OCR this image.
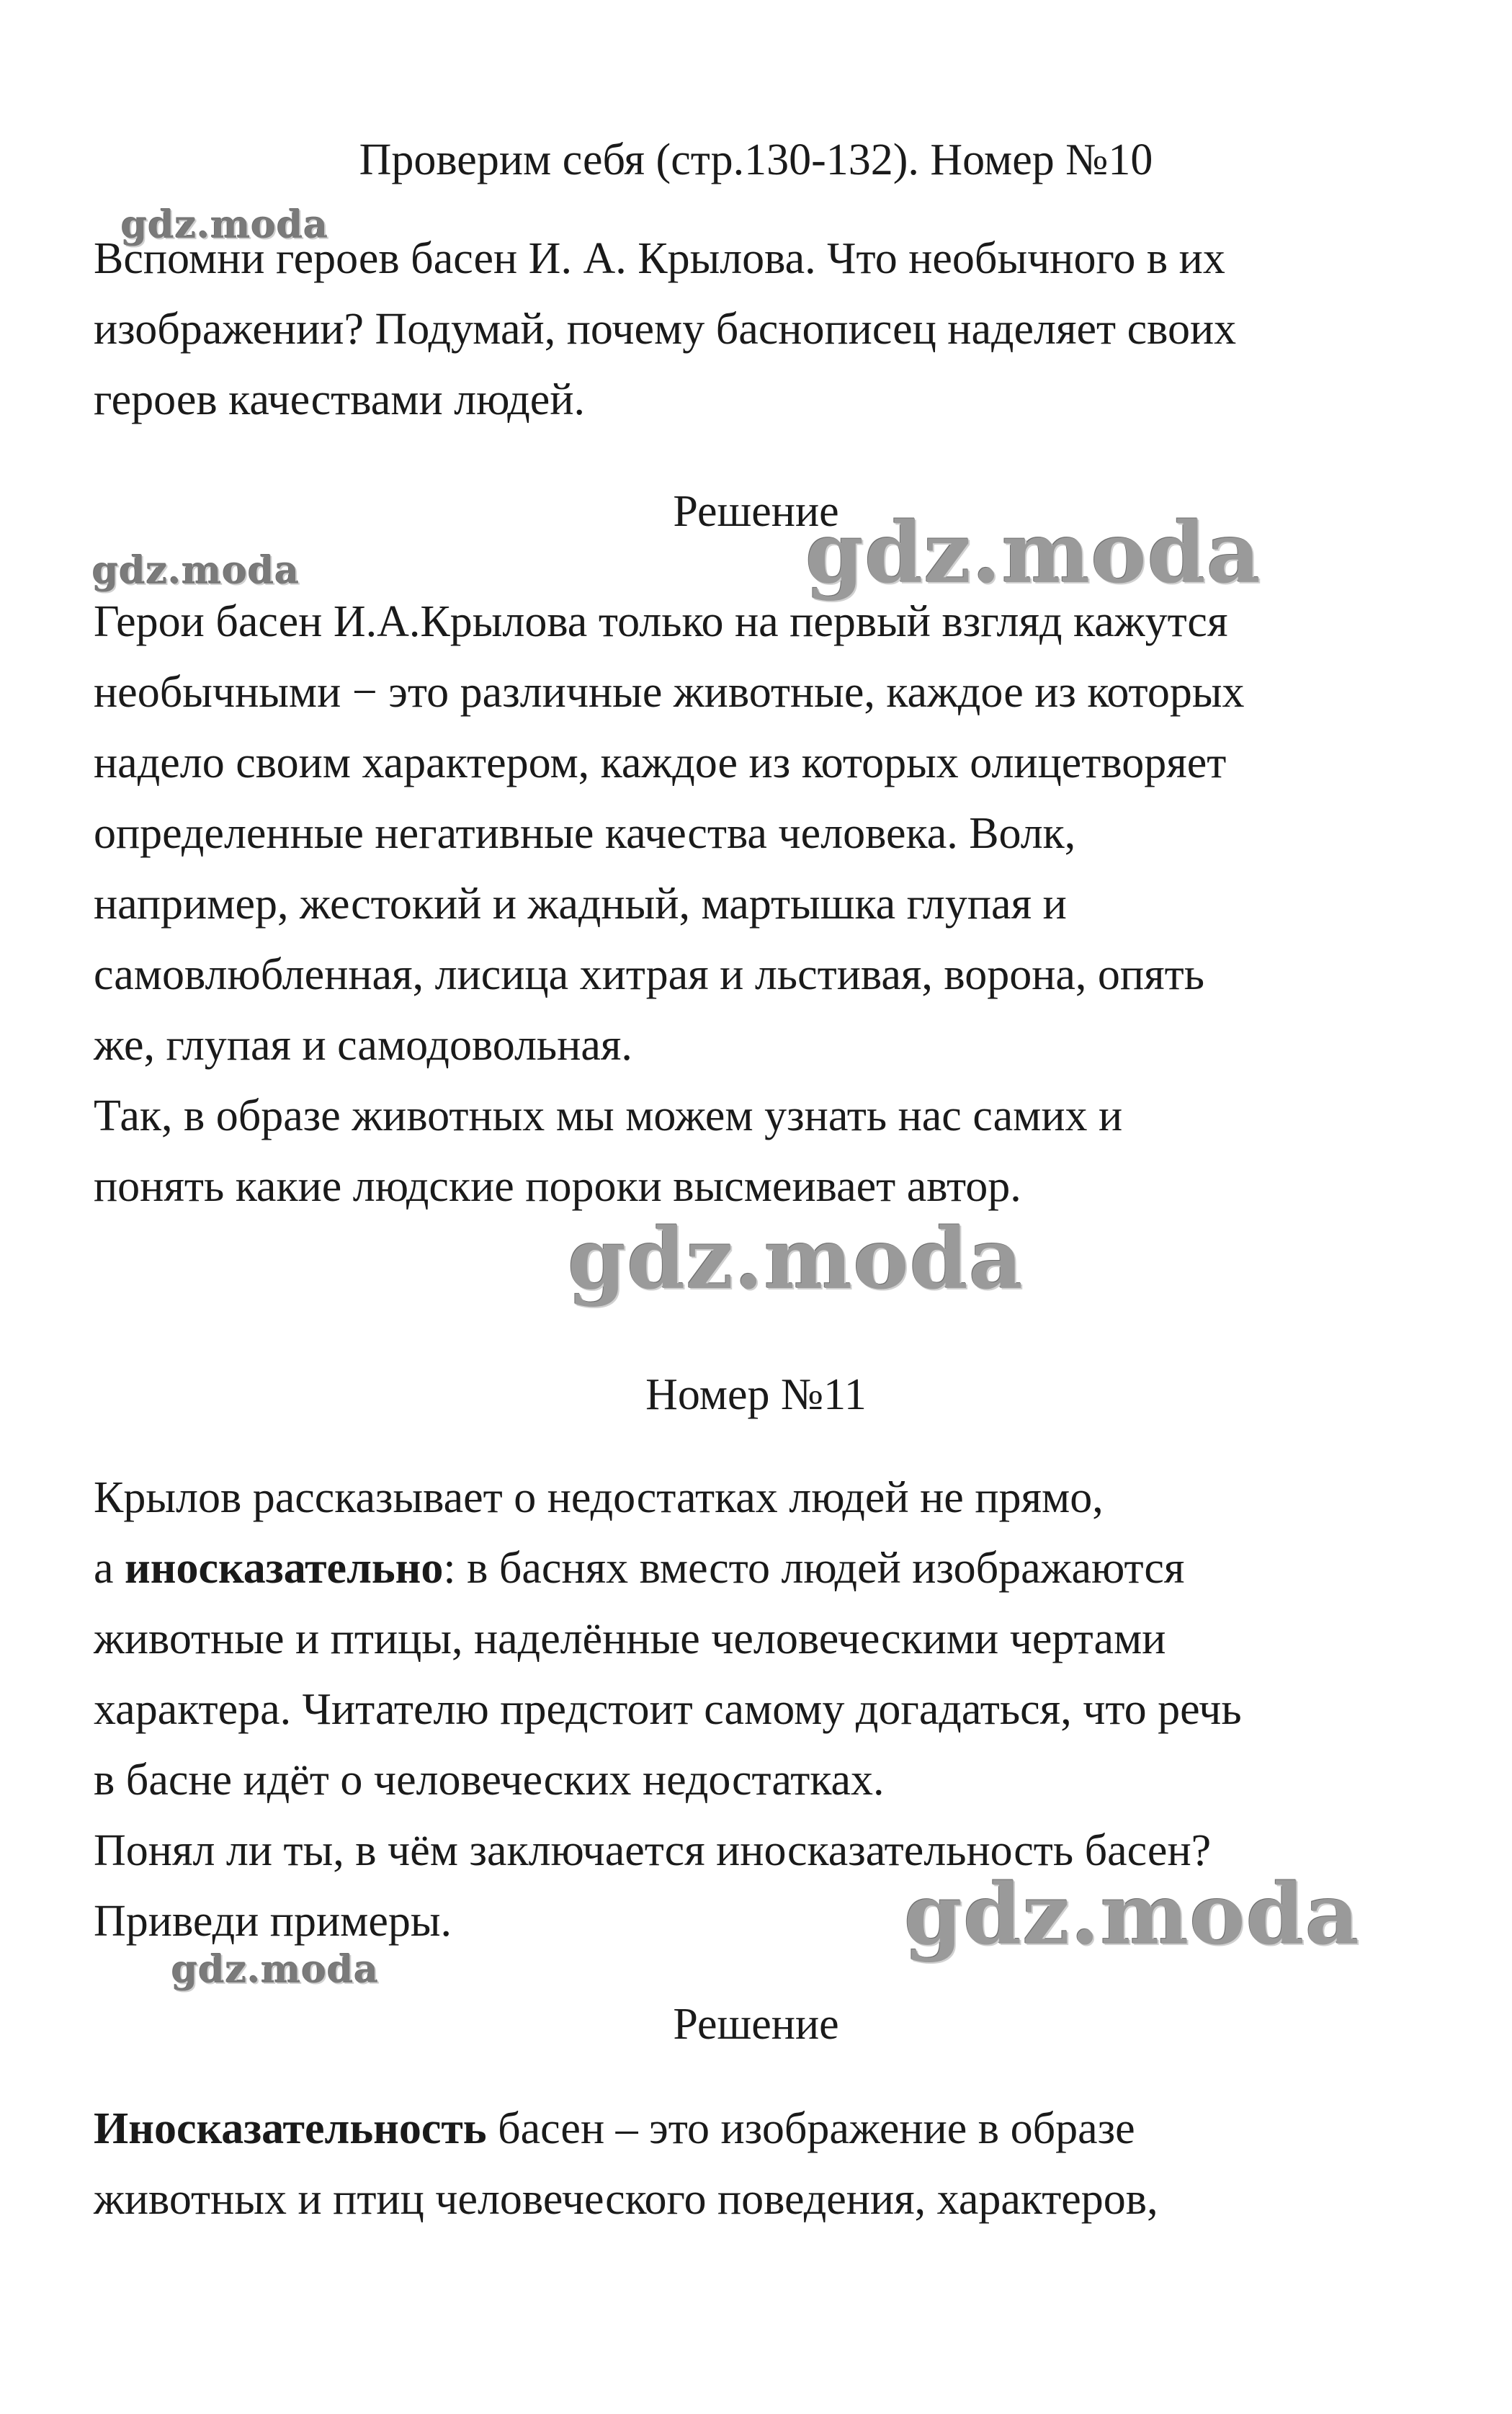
Проверим себя (стр.130-132). Номер №10
Вспомни героев басен И. А. Крылова. Что необычного в их
изображении? Подумай, почему баснописец наделяет своих
героев качествами людей.
Решение
Герои басен И.А.Крылова только на первый взгляд кажутся
необычными − это различные животные, каждое из которых
надело своим характером, каждое из которых олицетворяет
определенные негативные качества человека. Волк,
например, жестокий и жадный, мартышка глупая и
самовлюбленная, лисица хитрая и льстивая, ворона, опять
же, глупая и самодовольная.
Так, в образе животных мы можем узнать нас самих и
понять какие людские пороки высмеивает автор.
Номер №11
Крылов рассказывает о недостатках людей не прямо,
а иносказательно: в баснях вместо людей изображаются
животные и птицы, наделённые человеческими чертами
характера. Читателю предстоит самому догадаться, что речь
в басне идёт о человеческих недостатках.
Понял ли ты, в чём заключается иносказательность басен?
Приведи примеры.
Решение
Иносказательность басен – это изображение в образе
животных и птиц человеческого поведения, характеров,
gdz.moda
gdz.moda
gdz.moda
gdz.moda
gdz.moda
gdz.moda
